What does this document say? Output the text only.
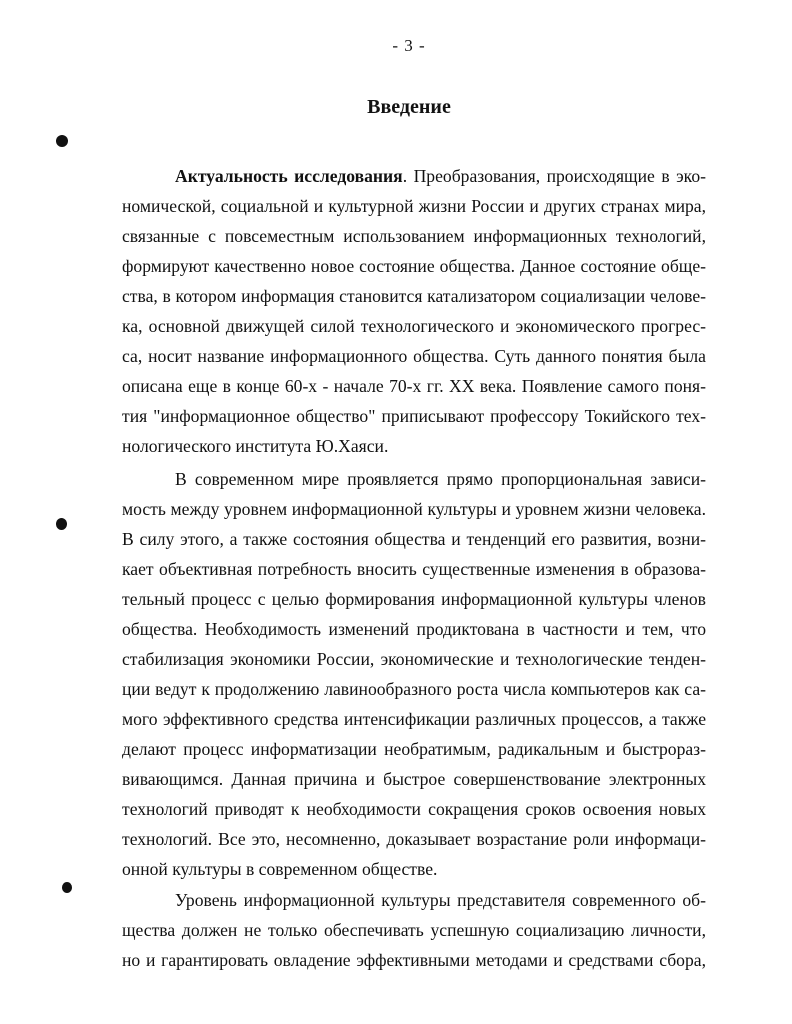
- 3 -
Введение
Актуальность исследования. Преобразования, происходящие в эко-
номической, социальной и культурной жизни России и других странах мира,
связанные с повсеместным использованием информационных технологий,
формируют качественно новое состояние общества. Данное состояние обще-
ства, в котором информация становится катализатором социализации челове-
ка, основной движущей силой технологического и экономического прогрес-
са, носит название информационного общества. Суть данного понятия была
описана еще в конце 60-х - начале 70-х гг. XX века. Появление самого поня-
тия "информационное общество" приписывают профессору Токийского тех-
нологического института Ю.Хаяси.
В современном мире проявляется прямо пропорциональная зависи-
мость между уровнем информационной культуры и уровнем жизни человека.
В силу этого, а также состояния общества и тенденций его развития, возни-
кает объективная потребность вносить существенные изменения в образова-
тельный процесс с целью формирования информационной культуры членов
общества. Необходимость изменений продиктована в частности и тем, что
стабилизация экономики России, экономические и технологические тенден-
ции ведут к продолжению лавинообразного роста числа компьютеров как са-
мого эффективного средства интенсификации различных процессов, а также
делают процесс информатизации необратимым, радикальным и быстрораз-
вивающимся. Данная причина и быстрое совершенствование электронных
технологий приводят к необходимости сокращения сроков освоения новых
технологий. Все это, несомненно, доказывает возрастание роли информаци-
онной культуры в современном обществе.
Уровень информационной культуры представителя современного об-
щества должен не только обеспечивать успешную социализацию личности,
но и гарантировать овладение эффективными методами и средствами сбора,
